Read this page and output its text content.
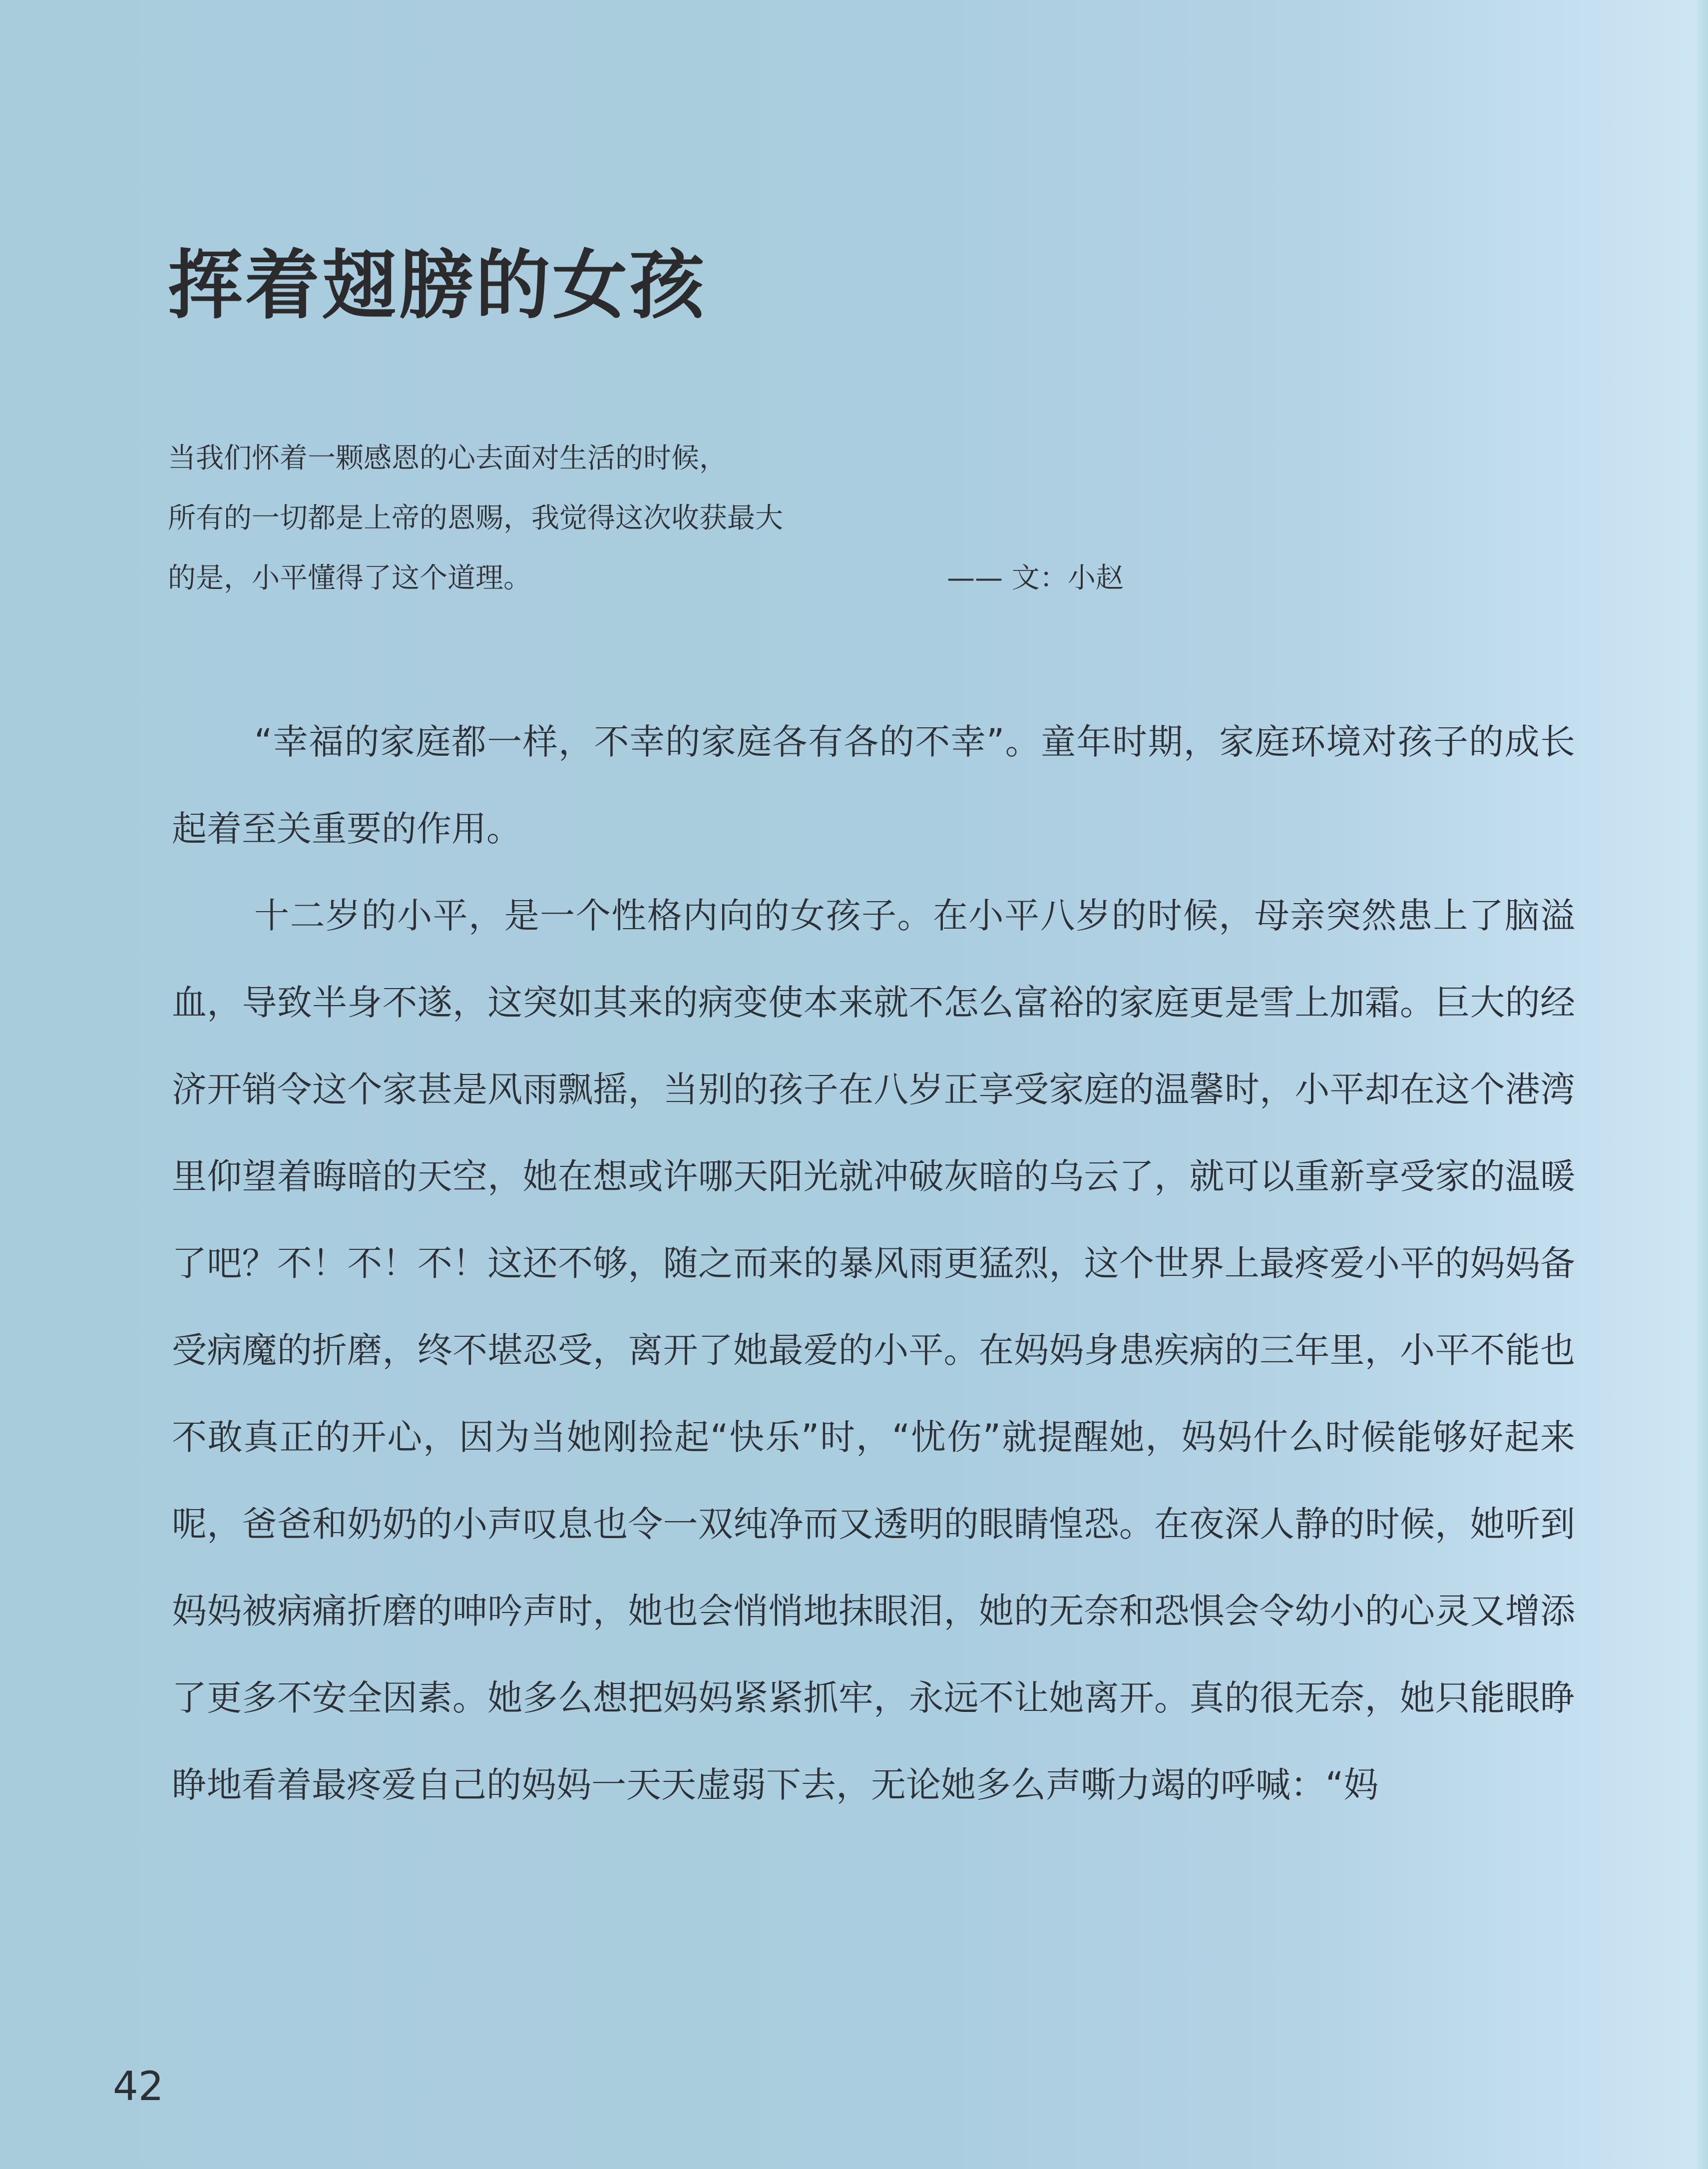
挥着翅膀的女孩
当我们怀着一颗感恩的心去面对生活的时候，
所有的一切都是上帝的恩赐，我觉得这次收获最大
的是，小平懂得了这个道理。	—— 文：小赵

“幸福的家庭都一样，不幸的家庭各有各的不幸”。童年时期，家庭环境对孩子的成长起着至关重要的作用。

十二岁的小平，是一个性格内向的女孩子。在小平八岁的时候，母亲突然患上了脑溢血，导致半身不遂，这突如其来的病变使本来就不怎么富裕的家庭更是雪上加霜。巨大的经济开销令这个家甚是风雨飘摇，当别的孩子在八岁正享受家庭的温馨时，小平却在这个港湾里仰望着晦暗的天空，她在想或许哪天阳光就冲破灰暗的乌云了，就可以重新享受家的温暖了吧？不！不！不！这还不够，随之而来的暴风雨更猛烈，这个世界上最疼爱小平的妈妈备受病魔的折磨，终不堪忍受，离开了她最爱的小平。在妈妈身患疾病的三年里，小平不能也不敢真正的开心，因为当她刚捡起“快乐”时，“忧伤”就提醒她，妈妈什么时候能够好起来呢，爸爸和奶奶的小声叹息也令一双纯净而又透明的眼睛惶恐。在夜深人静的时候，她听到妈妈被病痛折磨的呻吟声时，她也会悄悄地抹眼泪，她的无奈和恐惧会令幼小的心灵又增添了更多不安全因素。她多么想把妈妈紧紧抓牢，永远不让她离开。真的很无奈，她只能眼睁睁地看着最疼爱自己的妈妈一天天虚弱下去，无论她多么声嘶力竭的呼喊：“妈

42
